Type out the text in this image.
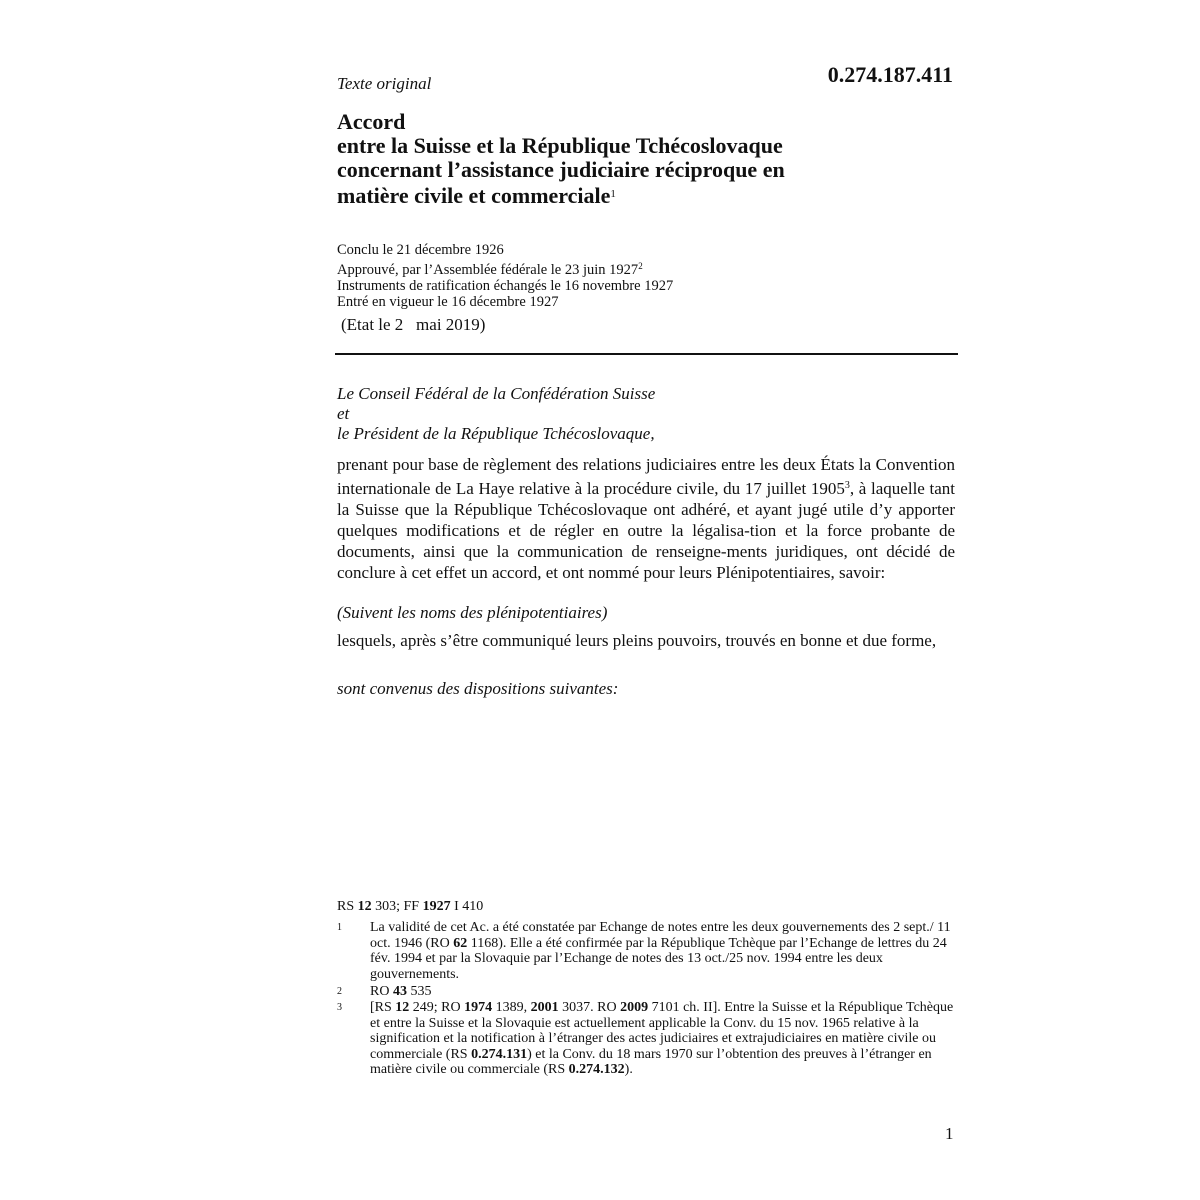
Texte original	0.274.187.411
Accord
entre la Suisse et la République Tchécoslovaque
concernant l’assistance judiciaire réciproque en
matière civile et commerciale$^1$
Conclu le 21 décembre 1926
Approuvé, par l’Assemblée fédérale le 23 juin 1927$^2$
Instruments de ratification échangés le 16 novembre 1927
Entré en vigueur le 16 décembre 1927
(Etat le 2   mai 2019)
Le Conseil Fédéral de la Confédération Suisse
et
le Président de la République Tchécoslovaque,
prenant pour base de règlement des relations judiciaires entre les deux États la Convention internationale de La Haye relative à la procédure civile, du 17 juillet 1905$^3$, à laquelle tant la Suisse que la République Tchécoslovaque ont adhéré, et ayant jugé utile d’y apporter quelques modifications et de régler en outre la légalisa-tion et la force probante de documents, ainsi que la communication de renseigne-ments juridiques, ont décidé de conclure à cet effet un accord, et ont nommé pour leurs Plénipotentiaires, savoir:
(Suivent les noms des plénipotentiaires)
lesquels, après s’être communiqué leurs pleins pouvoirs, trouvés en bonne et due forme,
sont convenus des dispositions suivantes:
RS 12 303; FF 1927 I 410
1 La validité de cet Ac. a été constatée par Echange de notes entre les deux gouvernements des 2 sept./ 11 oct. 1946 (RO 62 1168). Elle a été confirmée par la République Tchèque par l’Echange de lettres du 24 fév. 1994 et par la Slovaquie par l’Echange de notes des 13 oct./25 nov. 1994 entre les deux gouvernements.
2 RO 43 535
3 [RS 12 249; RO 1974 1389, 2001 3037. RO 2009 7101 ch. II]. Entre la Suisse et la République Tchèque et entre la Suisse et la Slovaquie est actuellement applicable la Conv. du 15 nov. 1965 relative à la signification et la notification à l’étranger des actes judiciaires et extrajudiciaires en matière civile ou commerciale (RS 0.274.131) et la Conv. du 18 mars 1970 sur l’obtention des preuves à l’étranger en matière civile ou commerciale (RS 0.274.132).
1
